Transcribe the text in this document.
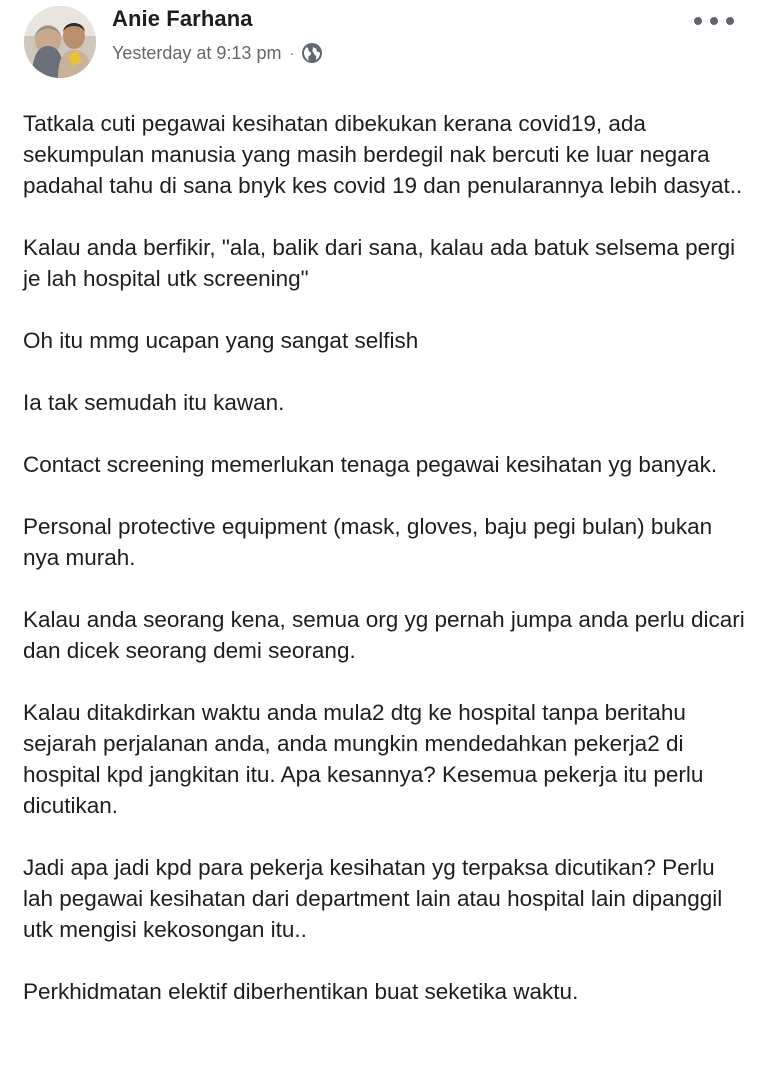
Anie Farhana
Yesterday at 9:13 pm ·

Tatkala cuti pegawai kesihatan dibekukan kerana covid19, ada sekumpulan manusia yang masih berdegil nak bercuti ke luar negara padahal tahu di sana bnyk kes covid 19 dan penularannya lebih dasyat..

Kalau anda berfikir, "ala, balik dari sana, kalau ada batuk selsema pergi je lah hospital utk screening"

Oh itu mmg ucapan yang sangat selfish

Ia tak semudah itu kawan.

Contact screening memerlukan tenaga pegawai kesihatan yg banyak.

Personal protective equipment (mask, gloves, baju pegi bulan) bukan nya murah.

Kalau anda seorang kena, semua org yg pernah jumpa anda perlu dicari dan dicek seorang demi seorang.

Kalau ditakdirkan waktu anda mula2 dtg ke hospital tanpa beritahu sejarah perjalanan anda, anda mungkin mendedahkan pekerja2 di hospital kpd jangkitan itu. Apa kesannya? Kesemua pekerja itu perlu dicutikan.

Jadi apa jadi kpd para pekerja kesihatan yg terpaksa dicutikan? Perlu lah pegawai kesihatan dari department lain atau hospital lain dipanggil utk mengisi kekosongan itu..

Perkhidmatan elektif diberhentikan buat seketika waktu.
